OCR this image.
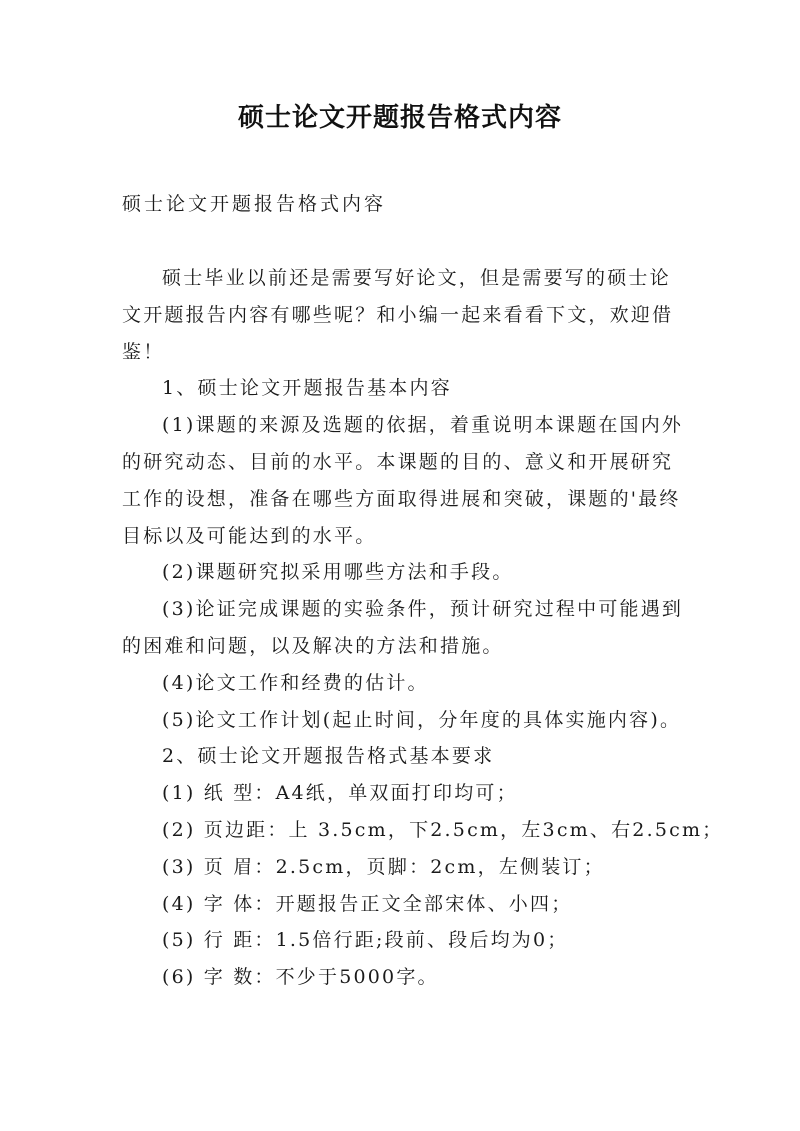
硕士论文开题报告格式内容
硕士论文开题报告格式内容

硕士毕业以前还是需要写好论文，但是需要写的硕士论文开题报告内容有哪些呢？和小编一起来看看下文，欢迎借鉴！

1、硕士论文开题报告基本内容

(1)课题的来源及选题的依据，着重说明本课题在国内外的研究动态、目前的水平。本课题的目的、意义和开展研究工作的设想，准备在哪些方面取得进展和突破，课题的'最终目标以及可能达到的水平。

(2)课题研究拟采用哪些方法和手段。

(3)论证完成课题的实验条件，预计研究过程中可能遇到的困难和问题，以及解决的方法和措施。

(4)论文工作和经费的估计。

(5)论文工作计划(起止时间，分年度的具体实施内容)。

2、硕士论文开题报告格式基本要求

(1) 纸 型：A4纸，单双面打印均可；

(2) 页边距：上 3.5cm，下2.5cm，左3cm、右2.5cm；

(3) 页 眉：2.5cm，页脚：2cm，左侧装订；

(4) 字 体：开题报告正文全部宋体、小四；

(5) 行 距：1.5倍行距;段前、段后均为0；

(6) 字 数：不少于5000字。
